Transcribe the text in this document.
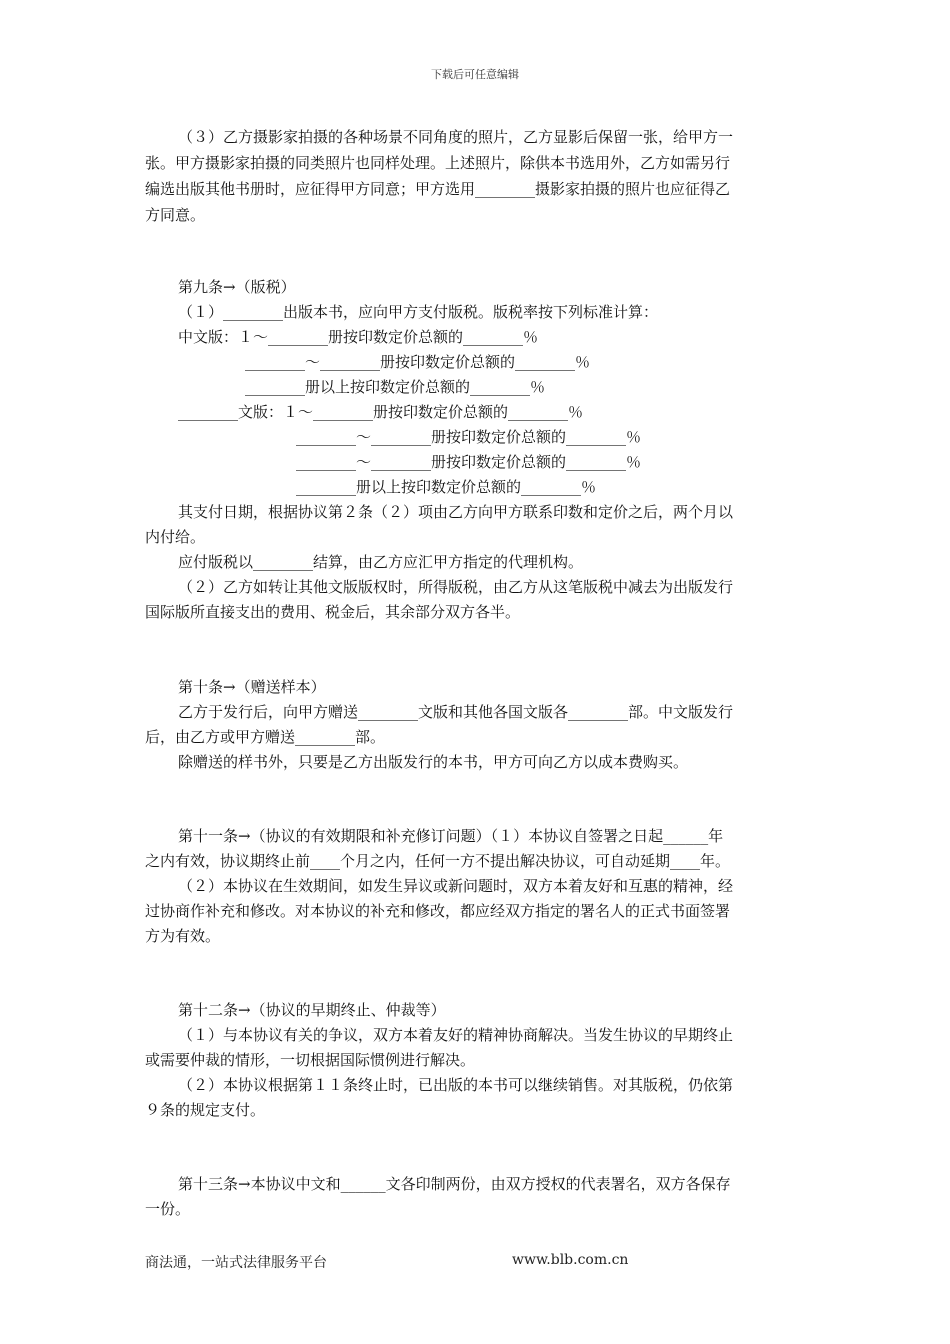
下载后可任意编辑
（３）乙方摄影家拍摄的各种场景不同角度的照片，乙方显影后保留一张，给甲方一
张。甲方摄影家拍摄的同类照片也同样处理。上述照片，除供本书选用外，乙方如需另行
编选出版其他书册时，应征得甲方同意；甲方选用________摄影家拍摄的照片也应征得乙
方同意。
第九条→（版税）
（１）________出版本书，应向甲方支付版税。版税率按下列标准计算：
中文版：１～________册按印数定价总额的________％
________～________册按印数定价总额的________％
________册以上按印数定价总额的________％
________文版：１～________册按印数定价总额的________％
________～________册按印数定价总额的________％
________～________册按印数定价总额的________％
________册以上按印数定价总额的________％
其支付日期，根据协议第２条（２）项由乙方向甲方联系印数和定价之后，两个月以
内付给。
应付版税以________结算，由乙方应汇甲方指定的代理机构。
（２）乙方如转让其他文版版权时，所得版税，由乙方从这笔版税中减去为出版发行
国际版所直接支出的费用、税金后，其余部分双方各半。
第十条→（赠送样本）
乙方于发行后，向甲方赠送________文版和其他各国文版各________部。中文版发行
后，由乙方或甲方赠送________部。
除赠送的样书外，只要是乙方出版发行的本书，甲方可向乙方以成本费购买。
第十一条→（协议的有效期限和补充修订问题）（１）本协议自签署之日起______年
之内有效，协议期终止前____个月之内，任何一方不提出解决协议，可自动延期____年。
（２）本协议在生效期间，如发生异议或新问题时，双方本着友好和互惠的精神，经
过协商作补充和修改。对本协议的补充和修改，都应经双方指定的署名人的正式书面签署
方为有效。
第十二条→（协议的早期终止、仲裁等）
（１）与本协议有关的争议，双方本着友好的精神协商解决。当发生协议的早期终止
或需要仲裁的情形，一切根据国际惯例进行解决。
（２）本协议根据第１１条终止时，已出版的本书可以继续销售。对其版税，仍依第
９条的规定支付。
第十三条→本协议中文和______文各印制两份，由双方授权的代表署名，双方各保存
一份。
商法通，一站式法律服务平台	www.blb.com.cn
